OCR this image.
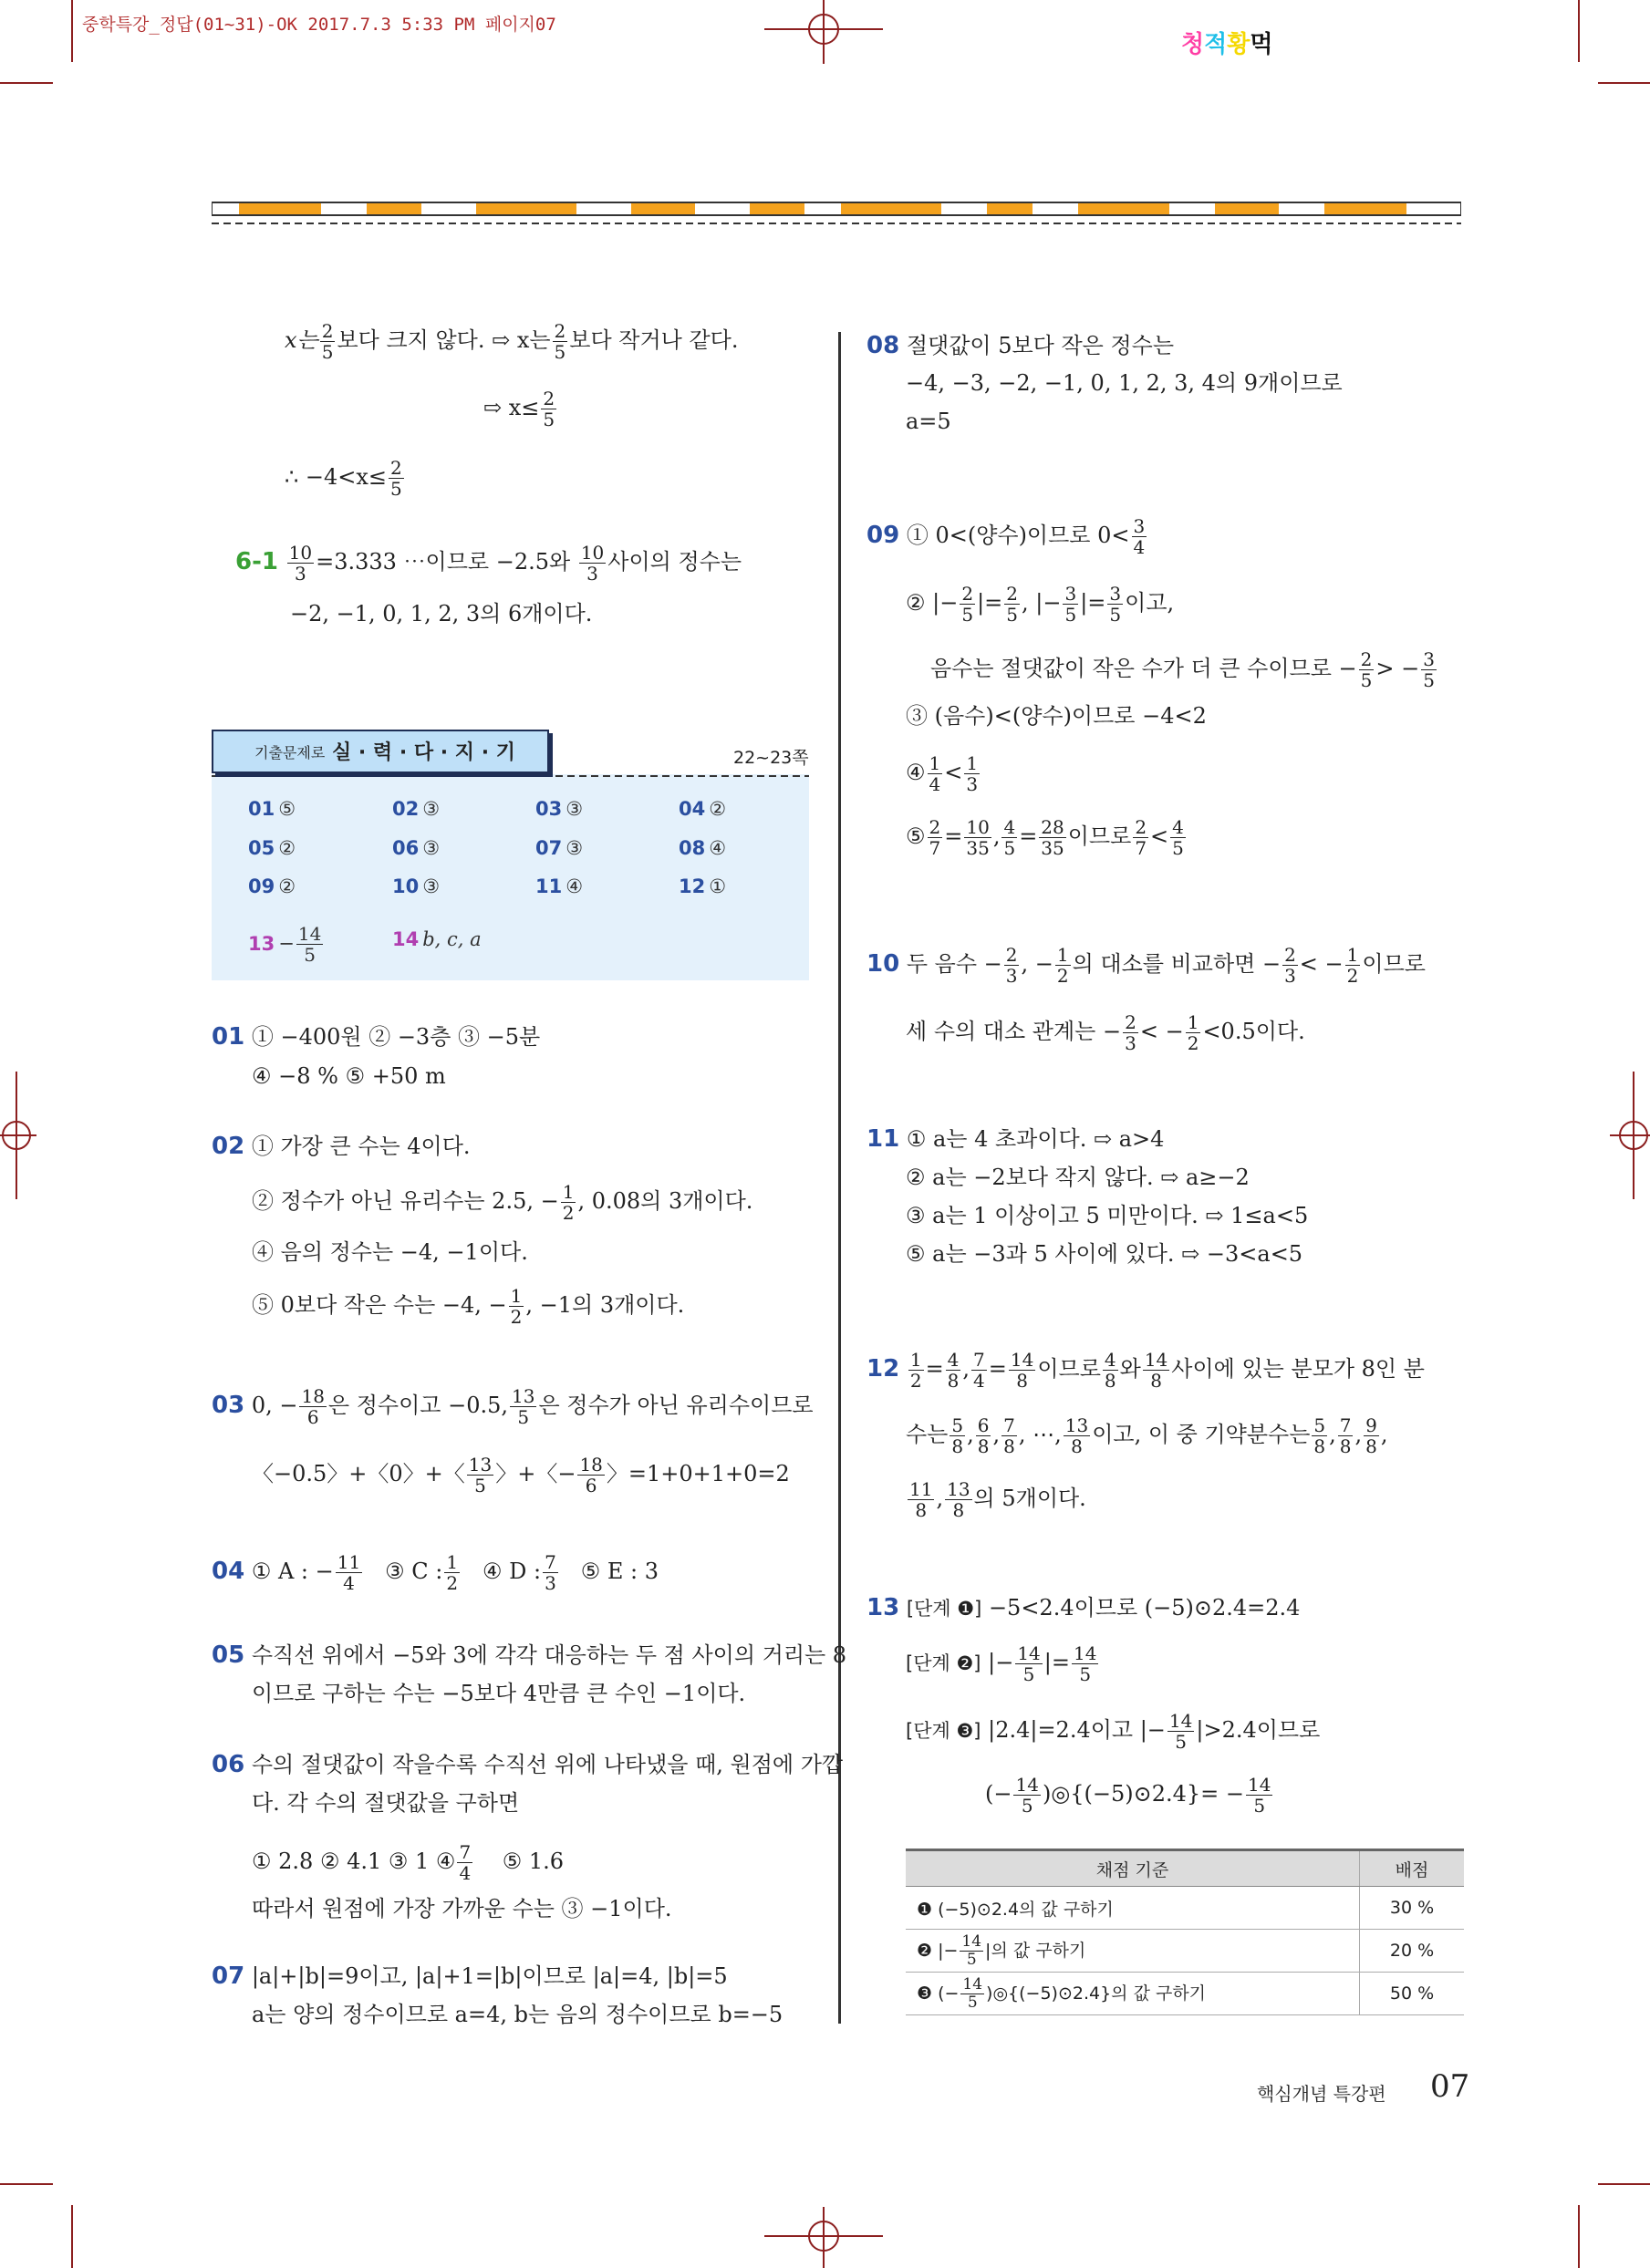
중학특강_정답(01~31)-OK 2017.7.3 5:33 PM 페이지07
청적황먹
x는 $\frac{2}{5}$ 보다 크지 않다. ⇨ x는 $\frac{2}{5}$ 보다 작거나 같다.
⇨ $x\le \frac{2}{5}$
∴ $-4<x\le \frac{2}{5}$
$6-1 \frac{10}{3} =3.333$ ⋯이므로 −2.5와 $\frac{10}{3}$ 사이의 정수는
−2, −1, 0, 1, 2, 3의 6개이다.
기출문제로 실 · 력 · 다 · 지 · 기	22~23쪽
01 ⑤	02 ③	03 ③	04 ②
05 ②	06 ③	07 ③	08 ④
09 ②	10 ③	11 ④	12 ①
$13 - \frac{14}{5}$	14 b, c, a
01 ① −400원 ② −3층 ③ −5분
④ −8 % ⑤ +50 m
02 ① 가장 큰 수는 4이다.
② 정수가 아닌 유리수는 2.5, − $\frac{1}{2}$ , 0.08의 3개이다.
④ 음의 정수는 −4, −1이다.
⑤ 0보다 작은 수는 −4, − $\frac{1}{2}$ , −1의 3개이다.
03 0, − $\frac{18}{6}$ 은 정수이고 −0.5, $\frac{13}{5}$ 은 정수가 아닌 유리수이므로
〈−0.5〉+〈0〉+〈 $\frac{13}{5}$ 〉+〈− $\frac{18}{6}$ 〉=1+0+1+0=2
04 ① A : − $\frac{11}{4}$ ③ C : $\frac{1}{2}$ ④ D : $\frac{7}{3}$ ⑤ E : 3
05 수직선 위에서 −5와 3에 각각 대응하는 두 점 사이의 거리는 8
이므로 구하는 수는 −5보다 4만큼 큰 수인 −1이다.
06 수의 절댓값이 작을수록 수직선 위에 나타냈을 때, 원점에 가깝
다. 각 수의 절댓값을 구하면
① 2.8 ② 4.1 ③ 1 ④ $\frac{7}{4}$ ⑤ 1.6
따라서 원점에 가장 가까운 수는 ③ −1이다.
07 |a|+|b|=9이고, |a|+1=|b|이므로 |a|=4, |b|=5
a는 양의 정수이므로 a=4, b는 음의 정수이므로 b=−5
08 절댓값이 5보다 작은 정수는
−4, −3, −2, −1, 0, 1, 2, 3, 4의 9개이므로
a=5
09 ① 0<(양수)이므로 $0< \frac{3}{4}$
② |− $\frac{2}{5}$ |= $\frac{2}{5}$ , |− $\frac{3}{5}$ |= $\frac{3}{5}$ 이고,
음수는 절댓값이 작은 수가 더 큰 수이므로 − $\frac{2}{5}$ > − $\frac{3}{5}$
③ (음수)<(양수)이므로 −4<2
④ $\frac{1}{4} < \frac{1}{3}$
⑤ $\frac{2}{7} = \frac{10}{35}$ , $\frac{4}{5} = \frac{28}{35}$ 이므로 $\frac{2}{7} < \frac{4}{5}$
10 두 음수 − $\frac{2}{3}$ , − $\frac{1}{2}$ 의 대소를 비교하면 − $\frac{2}{3}$ < − $\frac{1}{2}$ 이므로
세 수의 대소 관계는 − $\frac{2}{3}$ < − $\frac{1}{2} <0.5$이다.
11 ① a는 4 초과이다. ⇨ a>4
② a는 −2보다 작지 않다. ⇨ a≥−2
③ a는 1 이상이고 5 미만이다. ⇨ 1≤a<5
⑤ a는 −3과 5 사이에 있다. ⇨ −3<a<5
$12 \frac{1}{2} = \frac{4}{8}$ , $\frac{7}{4} = \frac{14}{8}$ 이므로 $\frac{4}{8}$ 와 $\frac{14}{8}$ 사이에 있는 분모가 8인 분
수는 $\frac{5}{8}$ , $\frac{6}{8}$ , $\frac{7}{8}$ , ⋯, $\frac{13}{8}$ 이고, 이 중 기약분수는 $\frac{5}{8}$ , $\frac{7}{8}$ , $\frac{9}{8}$ ,
$\frac{11}{8}$ , $\frac{13}{8}$ 의 5개이다.
13 [단계 ❶] −5<2.4이므로 (−5)⊙2.4=2.4
[단계 ❷] |− $\frac{14}{5}$ |= $\frac{14}{5}$
[단계 ❸] |2.4|=2.4이고 |− $\frac{14}{5} |>2.4$이므로
(− $\frac{14}{5}$ )◎{(−5)⊙2.4}= − $\frac{14}{5}$
채점 기준	배점
❶ (−5)⊙2.4의 값 구하기	30 %
❷ |− $\frac{14}{5}$ |의 값 구하기	20 %
❸ (− $\frac{14}{5}$ )◎{(−5)⊙2.4}의 값 구하기	50 %
핵심개념 특강편 07
